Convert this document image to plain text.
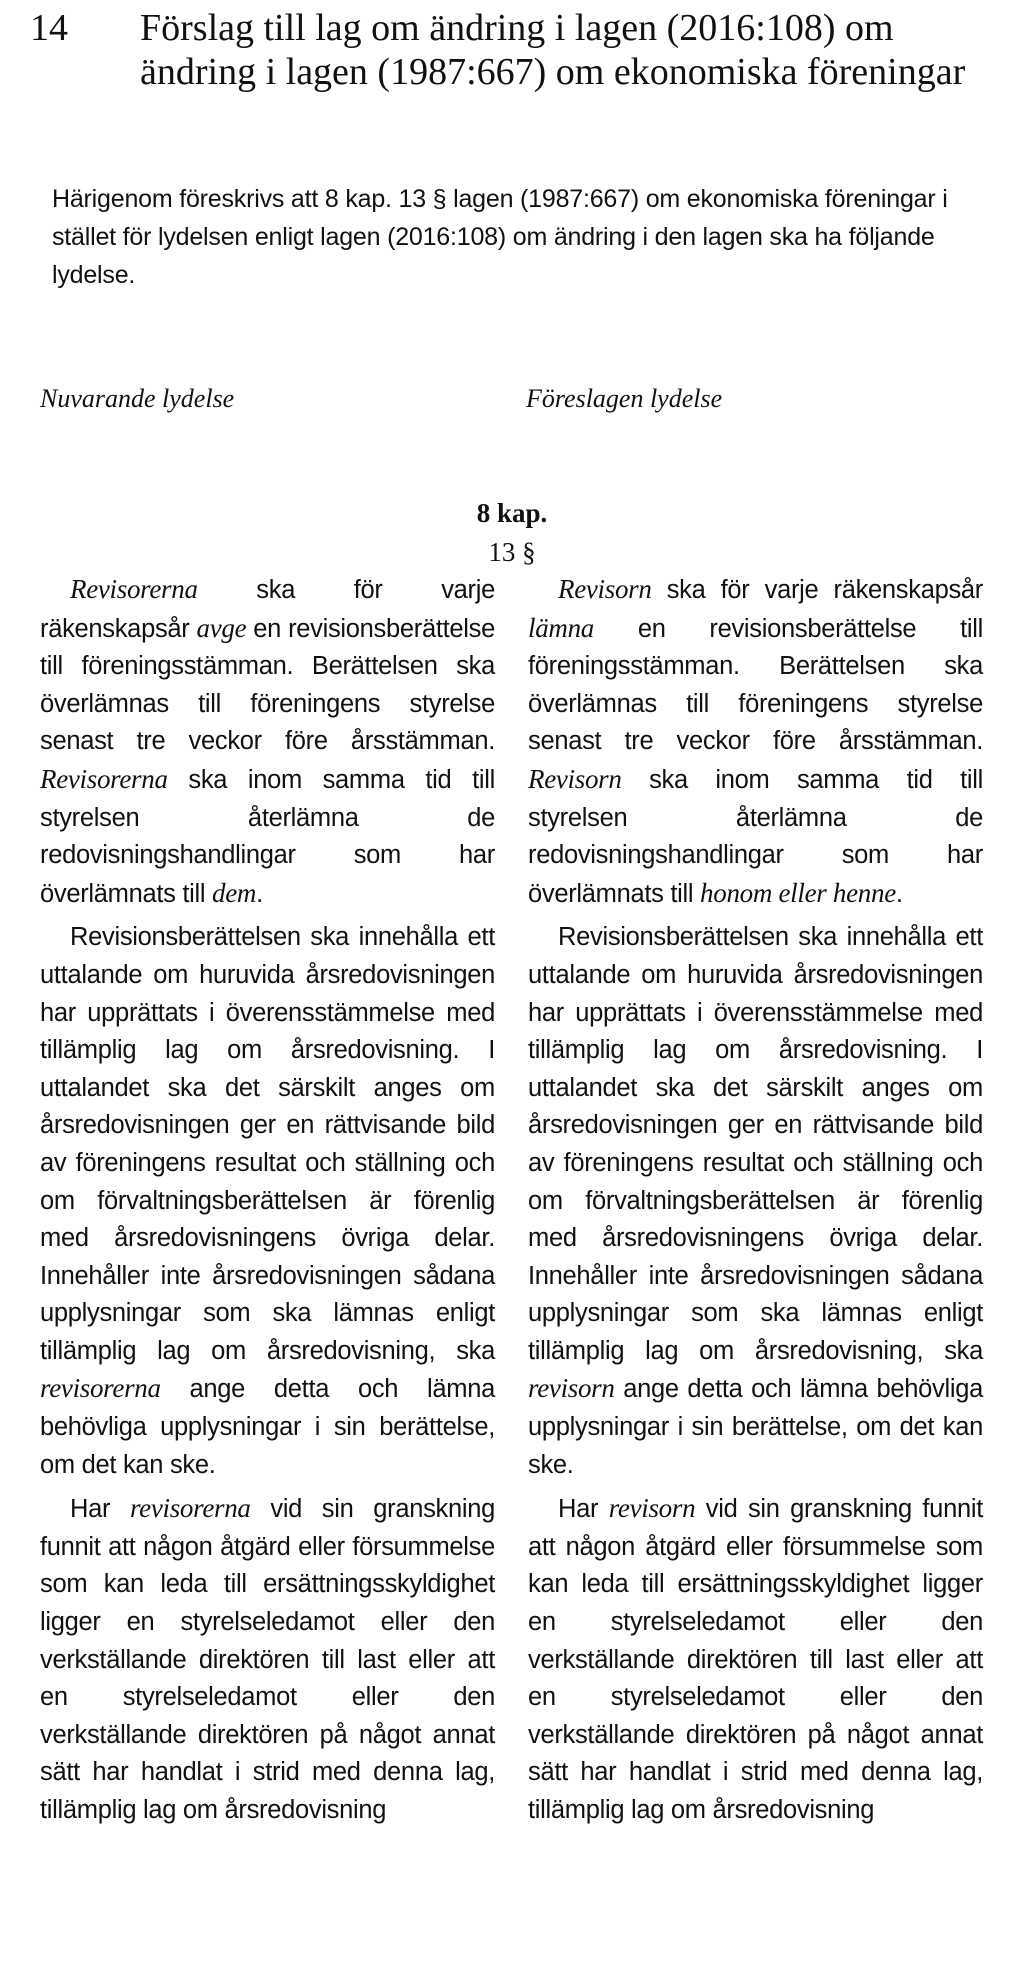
14 Förslag till lag om ändring i lagen (2016:108) om ändring i lagen (1987:667) om ekonomiska föreningar
Härigenom föreskrivs att 8 kap. 13 § lagen (1987:667) om ekonomiska föreningar i stället för lydelsen enligt lagen (2016:108) om ändring i den lagen ska ha följande lydelse.
Nuvarande lydelse	Föreslagen lydelse
8 kap.
13 §

Revisorerna ska för varje räkenskapsår avge en revisionsberättelse till föreningsstämman. Berättelsen ska överlämnas till föreningens styrelse senast tre veckor före årsstämman. Revisorerna ska inom samma tid till styrelsen återlämna de redovisningshandlingar som har överlämnats till dem.

Revisionsberättelsen ska innehålla ett uttalande om huruvida årsredovisningen har upprättats i överensstämmelse med tillämplig lag om årsredovisning. I uttalandet ska det särskilt anges om årsredovisningen ger en rättvisande bild av föreningens resultat och ställning och om förvaltningsberättelsen är förenlig med årsredovisningens övriga delar. Innehåller inte årsredovisningen sådana upplysningar som ska lämnas enligt tillämplig lag om årsredovisning, ska revisorerna ange detta och lämna behövliga upplysningar i sin berättelse, om det kan ske.

Har revisorerna vid sin granskning funnit att någon åtgärd eller försummelse som kan leda till ersättningsskyldighet ligger en styrelseledamot eller den verkställande direktören till last eller att en styrelseledamot eller den verkställande direktören på något annat sätt har handlat i strid med denna lag, tillämplig lag om årsredovisning

Revisorn ska för varje räkenskapsår lämna en revisionsberättelse till föreningsstämman. Berättelsen ska överlämnas till föreningens styrelse senast tre veckor före årsstämman. Revisorn ska inom samma tid till styrelsen återlämna de redovisningshandlingar som har överlämnats till honom eller henne.

Revisionsberättelsen ska innehålla ett uttalande om huruvida årsredovisningen har upprättats i överensstämmelse med tillämplig lag om årsredovisning. I uttalandet ska det särskilt anges om årsredovisningen ger en rättvisande bild av föreningens resultat och ställning och om förvaltningsberättelsen är förenlig med årsredovisningens övriga delar. Innehåller inte årsredovisningen sådana upplysningar som ska lämnas enligt tillämplig lag om årsredovisning, ska revisorn ange detta och lämna behövliga upplysningar i sin berättelse, om det kan ske.

Har revisorn vid sin granskning funnit att någon åtgärd eller försummelse som kan leda till ersättningsskyldighet ligger en styrelseledamot eller den verkställande direktören till last eller att en styrelseledamot eller den verkställande direktören på något annat sätt har handlat i strid med denna lag, tillämplig lag om årsredovisning
